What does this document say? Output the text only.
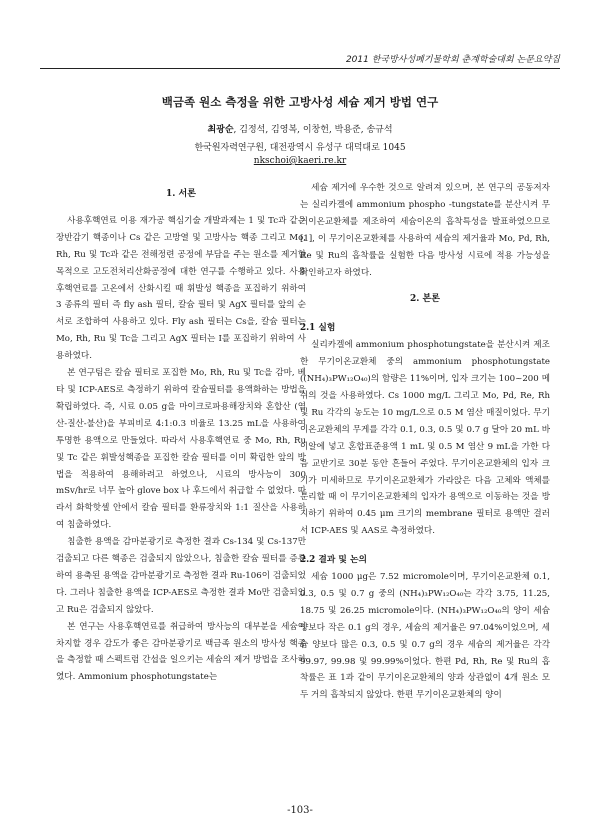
2011 한국방사성폐기물학회 춘계학술대회 논문요약집
백금족 원소 측정을 위한 고방사성 세슘 제거 방법 연구
최광순, 김정석, 김영복, 이창헌, 박용준, 송규석
한국원자력연구원, 대전광역시 유성구 대덕대로 1045
nkschoi@kaeri.re.kr
1. 서론

사용후핵연료 이용 재가공 핵심기술 개발과제는 1 및 Tc과 같은 장반감기 핵종이나 Cs 같은 고방열 및 고방사능 핵종 그리고 Mo, Rh, Ru 및 Tc과 같은 전해정련 공정에 부담을 주는 원소를 제거할 목적으로 고도전처리산화공정에 대한 연구를 수행하고 있다. 사용후핵연료를 고온에서 산화시킬 때 휘발성 핵종을 포집하기 위하여 3 종류의 필터 즉 fly ash 필터, 칼슘 필터 및 AgX 필터를 앞의 순서로 조합하여 사용하고 있다. Fly ash 필터는 Cs을, 칼슘 필터는 Mo, Rh, Ru 및 Tc을 그리고 AgX 필터는 I를 포집하기 위하여 사용하였다.

본 연구팀은 칼슘 필터로 포집한 Mo, Rh, Ru 및 Tc을 감마, 베타 및 ICP-AES로 측정하기 위하여 칼슘필터를 용액화하는 방법을 확립하였다. 즉, 시료 0.05 g을 마이크로파용해장치와 혼합산 (염산-질산-불산)을 부피비로 4:1:0.3 비율로 13.25 mL을 사용하여 투명한 용액으로 만들었다. 따라서 사용후핵연료 중 Mo, Rh, Ru 및 Tc 같은 휘발성핵종을 포집한 칼슘 필터를 이미 확립한 앞의 방법을 적용하여 용해하려고 하였으나, 시료의 방사능이 300 mSv/hr로 너무 높아 glove box 나 후드에서 취급할 수 없었다. 따라서 화학핫셀 안에서 칼슘 필터를 환류장치와 1:1 질산을 사용하여 침출하였다.

침출한 용액을 감마분광기로 측정한 결과 Cs-134 및 Cs-137만 검출되고 다른 핵종은 검출되지 않았으나, 침출한 칼슘 필터를 증류하여 용축된 용액을 감마분광기로 측정한 결과 Ru-106이 검출되었다. 그러나 침출한 용액을 ICP-AES로 측정한 결과 Mo만 검출되었고 Ru은 검출되지 않았다.

본 연구는 사용후핵연료를 취급하여 방사능의 대부분을 세슘이 차지할 경우 감도가 좋은 감마분광기로 백금족 원소의 방사성 핵종을 측정할 때 스펙트럼 간섭을 일으키는 세슘의 제거 방법을 조사하였다. Ammonium phosphotungstate는

세슘 제거에 우수한 것으로 알려져 있으며, 본 연구의 공동저자는 실리카겔에 ammonium phospho -tungstate를 분산시켜 무기이온교환체를 제조하여 세슘이온의 흡착특성을 발표하였으므로[1], 이 무기이온교환체를 사용하여 세슘의 제거율과 Mo, Pd, Rh, Re 및 Ru의 흡착률을 실험한 다음 방사성 시료에 적용 가능성을 확인하고자 하였다.

2. 본론
2.1 실험

실리카겔에 ammonium phosphotungstate을 분산시켜 제조한 무기이온교환체 중의 ammonium phosphotungstate ((NH₄)₃PW₁₂O₄₀)의 함량은 11%이며, 입자 크기는 100~200 메쉬의 것을 사용하였다. Cs 1000 mg/L 그리고 Mo, Pd, Re, Rh 및 Ru 각각의 농도는 10 mg/L으로 0.5 M 염산 매질이었다. 무기이온교환체의 무게를 각각 0.1, 0.3, 0.5 및 0.7 g 달아 20 mL 바이알에 넣고 혼합표준용액 1 mL 및 0.5 M 염산 9 mL을 가한 다음 교반기로 30분 동안 흔들어 주었다. 무기이온교환체의 입자 크기가 미세하므로 무기이온교환체가 가라앉은 다음 고체와 액체를 분리할 때 이 무기이온교환체의 입자가 용액으로 이동하는 것을 방지하기 위하여 0.45 μm 크기의 membrane 필터로 용액만 걸러서 ICP-AES 및 AAS로 측정하였다.

2.2 결과 및 논의

세슘 1000 μg은 7.52 micromole이며, 무기이온교환체 0.1, 0.3, 0.5 및 0.7 g 중의 (NH₄)₃PW₁₂O₄₀는 각각 3.75, 11.25, 18.75 및 26.25 micromole이다. (NH₄)₃PW₁₂O₄₀의 양이 세슘 양보다 작은 0.1 g의 경우, 세슘의 제거율은 97.04%이었으며, 세슘 양보다 많은 0.3, 0.5 및 0.7 g의 경우 세슘의 제거율은 각각 99.97, 99.98 및 99.99%이었다. 한편 Pd, Rh, Re 및 Ru의 흡착률은 표 1과 같이 무기이온교환체의 양과 상관없이 4개 원소 모두 거의 흡착되지 않았다. 한편 무기이온교환체의 양이

-103-
